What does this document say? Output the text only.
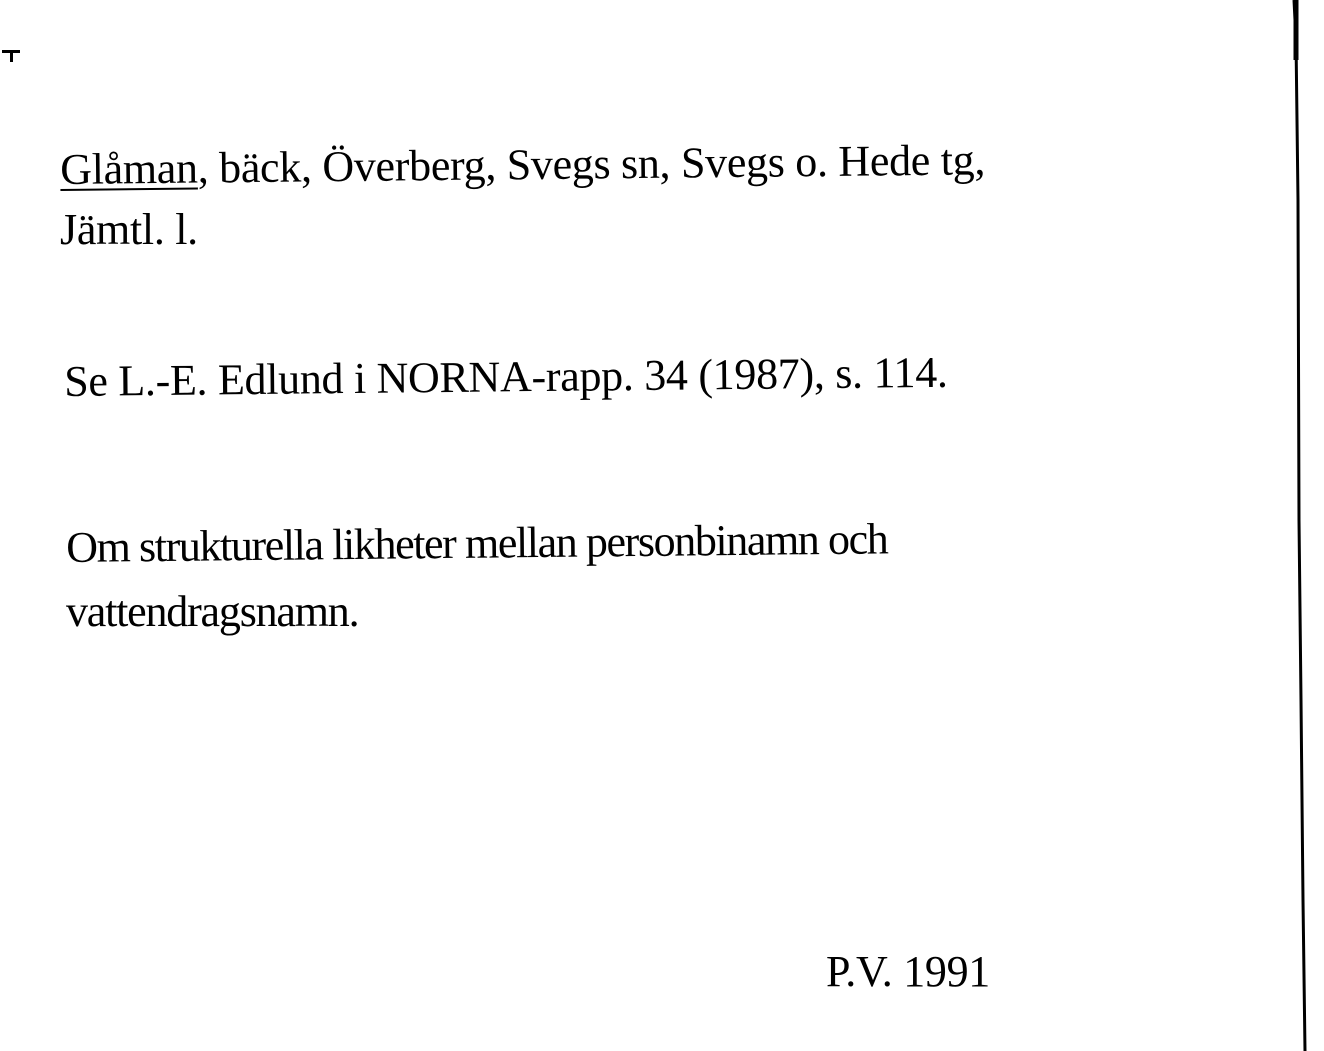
Glåman, bäck, Överberg, Svegs sn, Svegs o. Hede tg,
Jämtl. l.
Se L.-E. Edlund i NORNA-rapp. 34 (1987), s. 114.
Om strukturella likheter mellan personbinamn och
vattendragsnamn.
P.V. 1991
